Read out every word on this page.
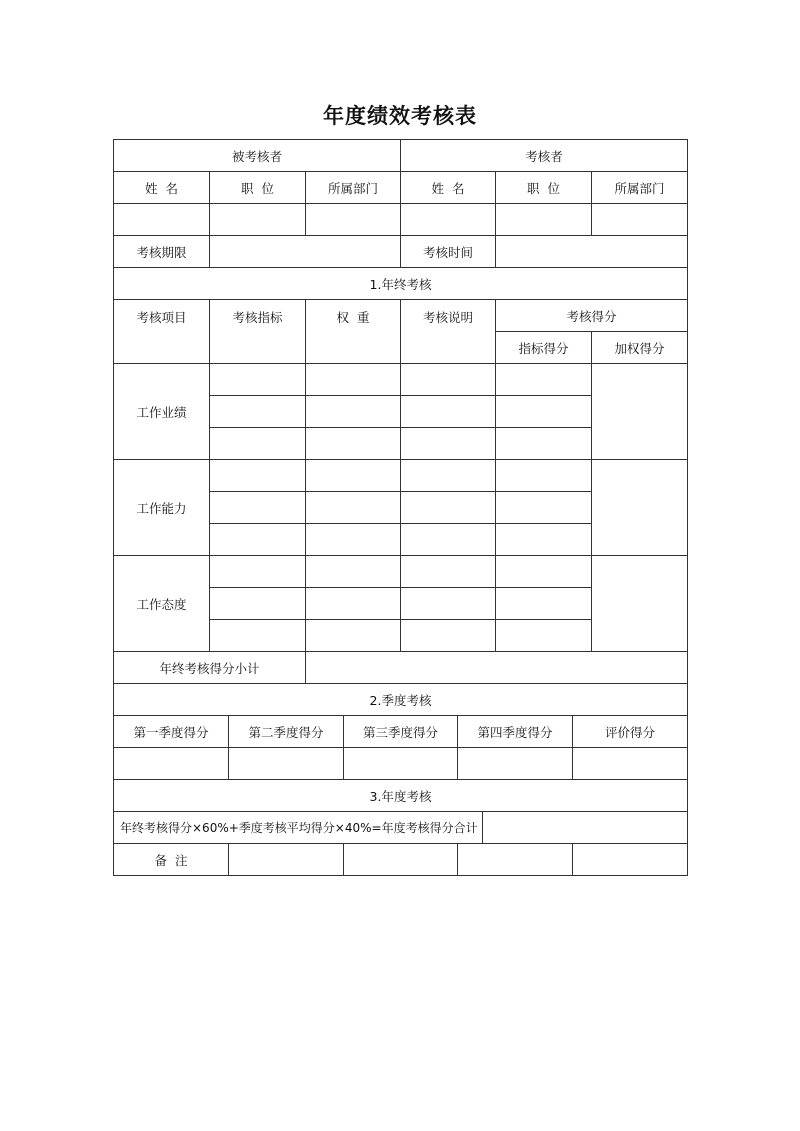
年度绩效考核表
被考核者			考核者		
姓  名	职  位	所属部门	姓  名	职  位	所属部门

考核期限			考核时间		
1.年终考核					
考核项目	考核指标	权  重	考核说明	考核得分	
				指标得分	加权得分
工作业绩					

工作能力					

工作态度					

年终考核得分小计					
2.季度考核					
第一季度得分	第二季度得分	第三季度得分	第四季度得分	评价得分

3.年度考核				
年终考核得分×60%+季度考核平均得分×40%=年度考核得分合计	
备  注				
